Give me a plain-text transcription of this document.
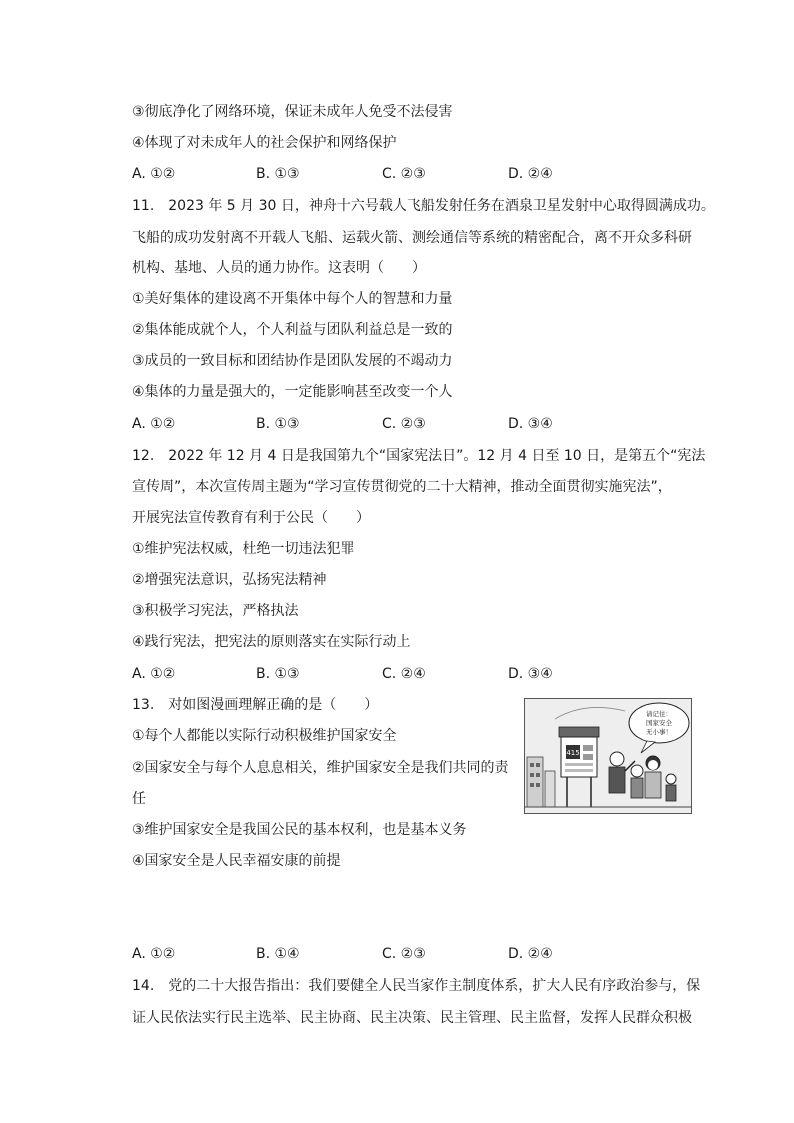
③彻底净化了网络环境，保证未成年人免受不法侵害
④体现了对未成年人的社会保护和网络保护
A. ①②	B. ①③	C. ②③	D. ②④
11.　2023 年 5 月 30 日，神舟十六号载人飞船发射任务在酒泉卫星发射中心取得圆满成功。
飞船的成功发射离不开载人飞船、运载火箭、测绘通信等系统的精密配合，离不开众多科研
机构、基地、人员的通力协作。这表明（　　）
①美好集体的建设离不开集体中每个人的智慧和力量
②集体能成就个人，个人利益与团队利益总是一致的
③成员的一致目标和团结协作是团队发展的不竭动力
④集体的力量是强大的，一定能影响甚至改变一个人
A. ①②	B. ①③	C. ②③	D. ③④
12.　2022 年 12 月 4 日是我国第九个“国家宪法日”。12 月 4 日至 10 日，是第五个“宪法
宣传周”，本次宣传周主题为“学习宣传贯彻党的二十大精神，推动全面贯彻实施宪法”，
开展宪法宣传教育有利于公民（　　）
①维护宪法权威，杜绝一切违法犯罪
②增强宪法意识，弘扬宪法精神
③积极学习宪法，严格执法
④践行宪法，把宪法的原则落实在实际行动上
A. ①②	B. ①③	C. ②④	D. ③④
13.　对如图漫画理解正确的是（　　）
①每个人都能以实际行动积极维护国家安全
②国家安全与每个人息息相关，维护国家安全是我们共同的责
任
③维护国家安全是我国公民的基本权利，也是基本义务
④国家安全是人民幸福安康的前提
415
请记住：
国家安全
无小事！
A. ①②	B. ①④	C. ②③	D. ②④
14.　党的二十大报告指出：我们要健全人民当家作主制度体系，扩大人民有序政治参与，保
证人民依法实行民主选举、民主协商、民主决策、民主管理、民主监督，发挥人民群众积极
